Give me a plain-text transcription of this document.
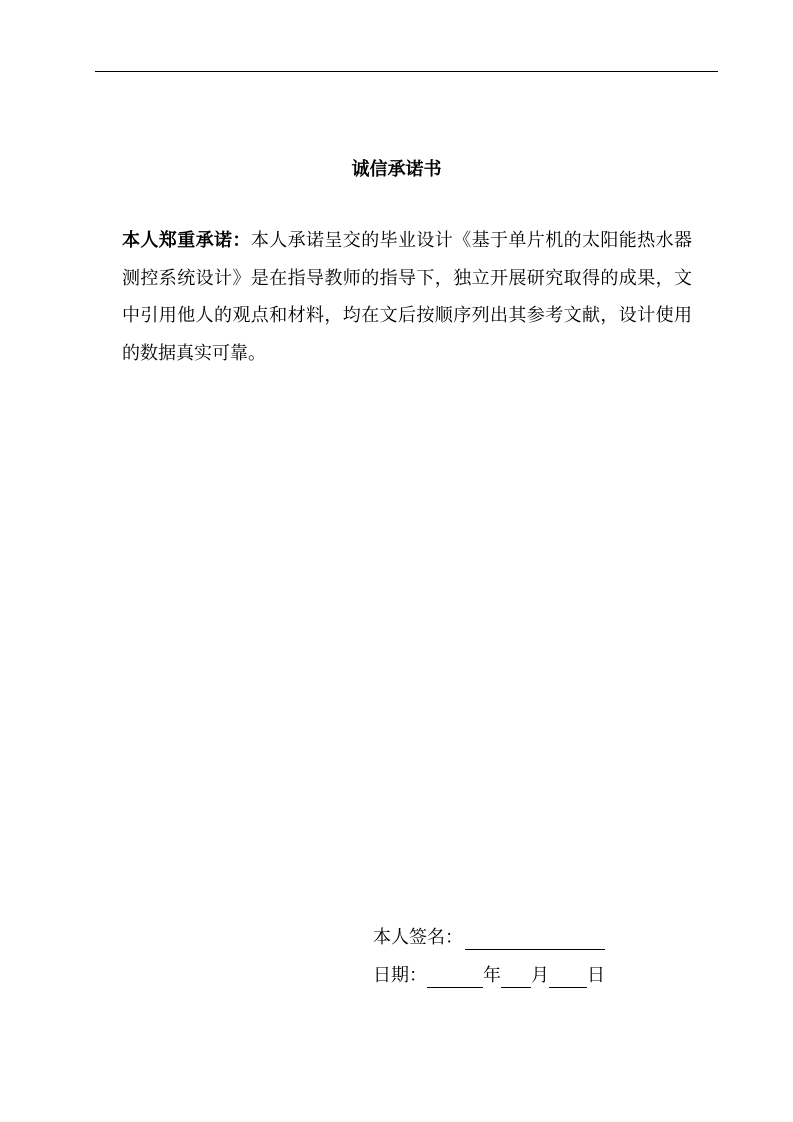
诚信承诺书

本人郑重承诺：本人承诺呈交的毕业设计《基于单片机的太阳能热水器测控系统设计》是在指导教师的指导下，独立开展研究取得的成果，文中引用他人的观点和材料，均在文后按顺序列出其参考文献，设计使用的数据真实可靠。

本人签名：
日期：	年 月 日
